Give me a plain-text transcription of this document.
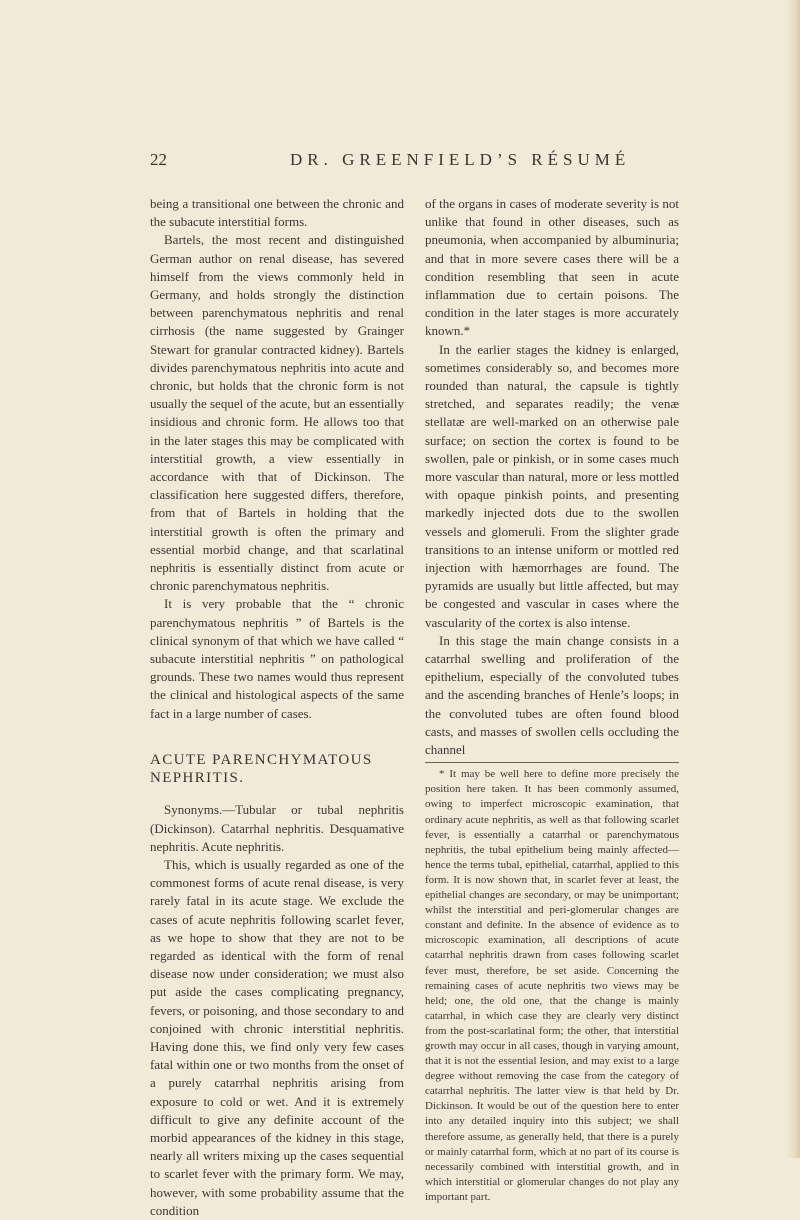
22	DR. GREENFIELD’S RÉSUMÉ

being a transitional one between the chronic and the subacute interstitial forms.

Bartels, the most recent and distinguished German author on renal disease, has severed himself from the views commonly held in Germany, and holds strongly the distinction between parenchymatous nephritis and renal cirrhosis (the name suggested by Grainger Stewart for granular contracted kidney). Bartels divides parenchymatous nephritis into acute and chronic, but holds that the chronic form is not usually the sequel of the acute, but an essentially insidious and chronic form. He allows too that in the later stages this may be complicated with interstitial growth, a view essentially in accordance with that of Dickinson. The classification here suggested differs, therefore, from that of Bartels in holding that the interstitial growth is often the primary and essential morbid change, and that scarlatinal nephritis is essentially distinct from acute or chronic parenchymatous nephritis.

It is very probable that the “ chronic parenchymatous nephritis ” of Bartels is the clinical synonym of that which we have called “ subacute interstitial nephritis ” on pathological grounds. These two names would thus represent the clinical and histological aspects of the same fact in a large number of cases.

ACUTE PARENCHYMATOUS NEPHRITIS.

Synonyms.—Tubular or tubal nephritis (Dickinson). Catarrhal nephritis. Desquamative nephritis. Acute nephritis.

This, which is usually regarded as one of the commonest forms of acute renal disease, is very rarely fatal in its acute stage. We exclude the cases of acute nephritis following scarlet fever, as we hope to show that they are not to be regarded as identical with the form of renal disease now under consideration; we must also put aside the cases complicating pregnancy, fevers, or poisoning, and those secondary to and conjoined with chronic interstitial nephritis. Having done this, we find only very few cases fatal within one or two months from the onset of a purely catarrhal nephritis arising from exposure to cold or wet. And it is extremely difficult to give any definite account of the morbid appearances of the kidney in this stage, nearly all writers mixing up the cases sequential to scarlet fever with the primary form. We may, however, with some probability assume that the condition

of the organs in cases of moderate severity is not unlike that found in other diseases, such as pneumonia, when accompanied by albuminuria; and that in more severe cases there will be a condition resembling that seen in acute inflammation due to certain poisons. The condition in the later stages is more accurately known.*

In the earlier stages the kidney is enlarged, sometimes considerably so, and becomes more rounded than natural, the capsule is tightly stretched, and separates readily; the venæ stellatæ are well-marked on an otherwise pale surface; on section the cortex is found to be swollen, pale or pinkish, or in some cases much more vascular than natural, more or less mottled with opaque pinkish points, and presenting markedly injected dots due to the swollen vessels and glomeruli. From the slighter grade transitions to an intense uniform or mottled red injection with hæmorrhages are found. The pyramids are usually but little affected, but may be congested and vascular in cases where the vascularity of the cortex is also intense.

In this stage the main change consists in a catarrhal swelling and proliferation of the epithelium, especially of the convoluted tubes and the ascending branches of Henle’s loops; in the convoluted tubes are often found blood casts, and masses of swollen cells occluding the channel

* It may be well here to define more precisely the position here taken. It has been commonly assumed, owing to imperfect microscopic examination, that ordinary acute nephritis, as well as that following scarlet fever, is essentially a catarrhal or parenchymatous nephritis, the tubal epithelium being mainly affected—hence the terms tubal, epithelial, catarrhal, applied to this form. It is now shown that, in scarlet fever at least, the epithelial changes are secondary, or may be unimportant; whilst the interstitial and peri-glomerular changes are constant and definite. In the absence of evidence as to microscopic examination, all descriptions of acute catarrhal nephritis drawn from cases following scarlet fever must, therefore, be set aside. Concerning the remaining cases of acute nephritis two views may be held; one, the old one, that the change is mainly catarrhal, in which case they are clearly very distinct from the post-scarlatinal form; the other, that interstitial growth may occur in all cases, though in varying amount, that it is not the essential lesion, and may exist to a large degree without removing the case from the category of catarrhal nephritis. The latter view is that held by Dr. Dickinson. It would be out of the question here to enter into any detailed inquiry into this subject; we shall therefore assume, as generally held, that there is a purely or mainly catarrhal form, which at no part of its course is necessarily combined with interstitial growth, and in which interstitial or glomerular changes do not play any important part.
